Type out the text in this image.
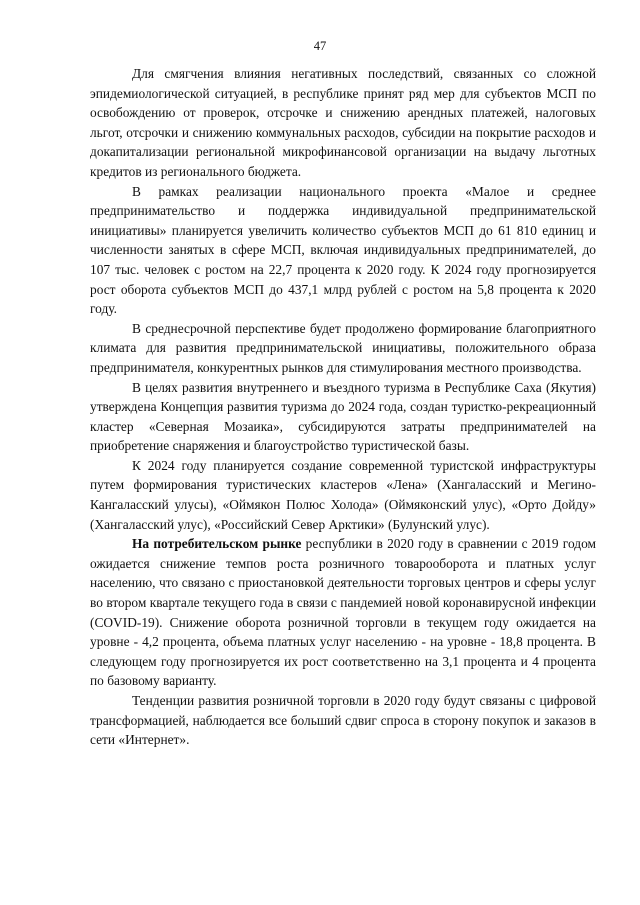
47

Для смягчения влияния негативных последствий, связанных со сложной эпидемиологической ситуацией, в республике принят ряд мер для субъектов МСП по освобождению от проверок, отсрочке и снижению арендных платежей, налоговых льгот, отсрочки и снижению коммунальных расходов, субсидии на покрытие расходов и докапитализации региональной микрофинансовой организации на выдачу льготных кредитов из регионального бюджета.

В рамках реализации национального проекта «Малое и среднее предпринимательство и поддержка индивидуальной предпринимательской инициативы» планируется увеличить количество субъектов МСП до 61 810 единиц и численности занятых в сфере МСП, включая индивидуальных предпринимателей, до 107 тыс. человек с ростом на 22,7 процента к 2020 году. К 2024 году прогнозируется рост оборота субъектов МСП до 437,1 млрд рублей с ростом на 5,8 процента к 2020 году.

В среднесрочной перспективе будет продолжено формирование благоприятного климата для развития предпринимательской инициативы, положительного образа предпринимателя, конкурентных рынков для стимулирования местного производства.

В целях развития внутреннего и въездного туризма в Республике Саха (Якутия) утверждена Концепция развития туризма до 2024 года, создан туристко-рекреационный кластер «Северная Мозаика», субсидируются затраты предпринимателей на приобретение снаряжения и благоустройство туристической базы.

К 2024 году планируется создание современной туристской инфраструктуры путем формирования туристических кластеров «Лена» (Хангаласский и Мегино-Кангаласский улусы), «Оймякон Полюс Холода» (Оймяконский улус), «Орто Дойду» (Хангаласский улус), «Российский Север Арктики» (Булунский улус).

На потребительском рынке республики в 2020 году в сравнении с 2019 годом ожидается снижение темпов роста розничного товарооборота и платных услуг населению, что связано с приостановкой деятельности торговых центров и сферы услуг во втором квартале текущего года в связи с пандемией новой коронавирусной инфекции (COVID-19). Снижение оборота розничной торговли в текущем году ожидается на уровне - 4,2 процента, объема платных услуг населению - на уровне - 18,8 процента. В следующем году прогнозируется их рост соответственно на 3,1 процента и 4 процента по базовому варианту.

Тенденции развития розничной торговли в 2020 году будут связаны с цифровой трансформацией, наблюдается все больший сдвиг спроса в сторону покупок и заказов в сети «Интернет».
